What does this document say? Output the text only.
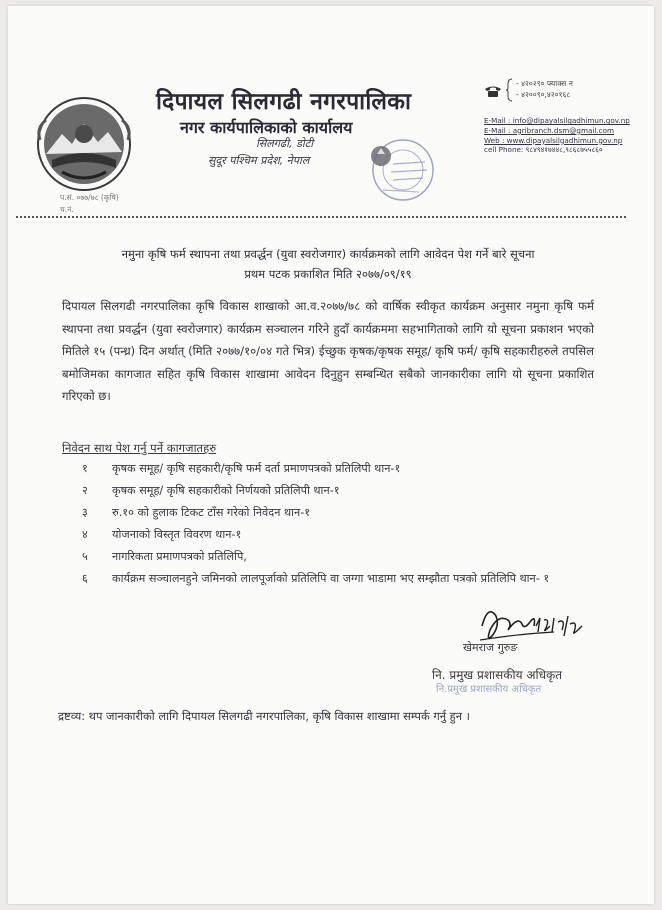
दिपायल सिलगढी नगरपालिका
नगर कार्यपालिकाको कार्यालय
सिलगढी, डोटी
सुदूर पश्चिम प्रदेश, नेपाल
- ४२०२९० फ्याक्स न
- ४२००९०,४२०१६८
E-Mail : info@dipayalsilgadhimun.gov.np
E-Mail : agribranch.dsm@gmail.com
Web : www.dipayalsilgadhimun.gov.np
cell Phone: ९८४९४१७४४८,९८६८७५५८६०
प.सं. ०७७/७८ (कृषि)
च.नं.
नमुना कृषि फर्म स्थापना तथा प्रवर्द्धन (युवा स्वरोजगार) कार्यक्रमको लागि आवेदन पेश गर्ने बारे सूचना
प्रथम पटक प्रकाशित मिति २०७७/०९/१९
दिपायल सिलगढी नगरपालिका कृषि विकास शाखाको आ.व.२०७७/७८ को वार्षिक स्वीकृत कार्यक्रम अनुसार नमुना कृषि फर्म स्थापना तथा प्रवर्द्धन (युवा स्वरोजगार) कार्यक्रम सञ्चालन गरिने हुदाँ कार्यक्रममा सहभागिताको लागि यो सूचना प्रकाशन भएको मितिले १५ (पन्ध्र) दिन अर्थात् (मिति २०७७/१०/०४ गते भित्र) ईच्छुक कृषक/कृषक समूह/ कृषि फर्म/ कृषि सहकारीहरुले तपसिल बमोजिमका कागजात सहित कृषि विकास शाखामा आवेदन दिनुहुन सम्बन्धित सबैको जानकारीका लागि यो सूचना प्रकाशित गरिएको छ।
निवेदन साथ पेश गर्नु पर्ने कागजातहरु
१	कृषक समूह/ कृषि सहकारी/कृषि फर्म दर्ता प्रमाणपत्रको प्रतिलिपी थान-१
२	कृषक समूह/ कृषि सहकारीको निर्णयको प्रतिलिपी थान-१
३	रु.१० को हुलाक टिकट टाँस गरेको निवेदन थान-१
४	योजनाको विस्तृत विवरण थान-१
५	नागरिकता प्रमाणपत्रको प्रतिलिपि,
६	कार्यक्रम सञ्चालनहुने जमिनको लालपूर्जाको प्रतिलिपि वा जग्गा भाडामा भए सम्झौता पत्रको प्रतिलिपि थान- १
खेमराज गुरुङ
नि. प्रमुख प्रशासकीय अधिकृत
नि.प्रमुख प्रशासकीय अधिकृत
द्रष्टव्य: थप जानकारीको लागि दिपायल सिलगढी नगरपालिका, कृषि विकास शाखामा सम्पर्क गर्नु हुन ।
